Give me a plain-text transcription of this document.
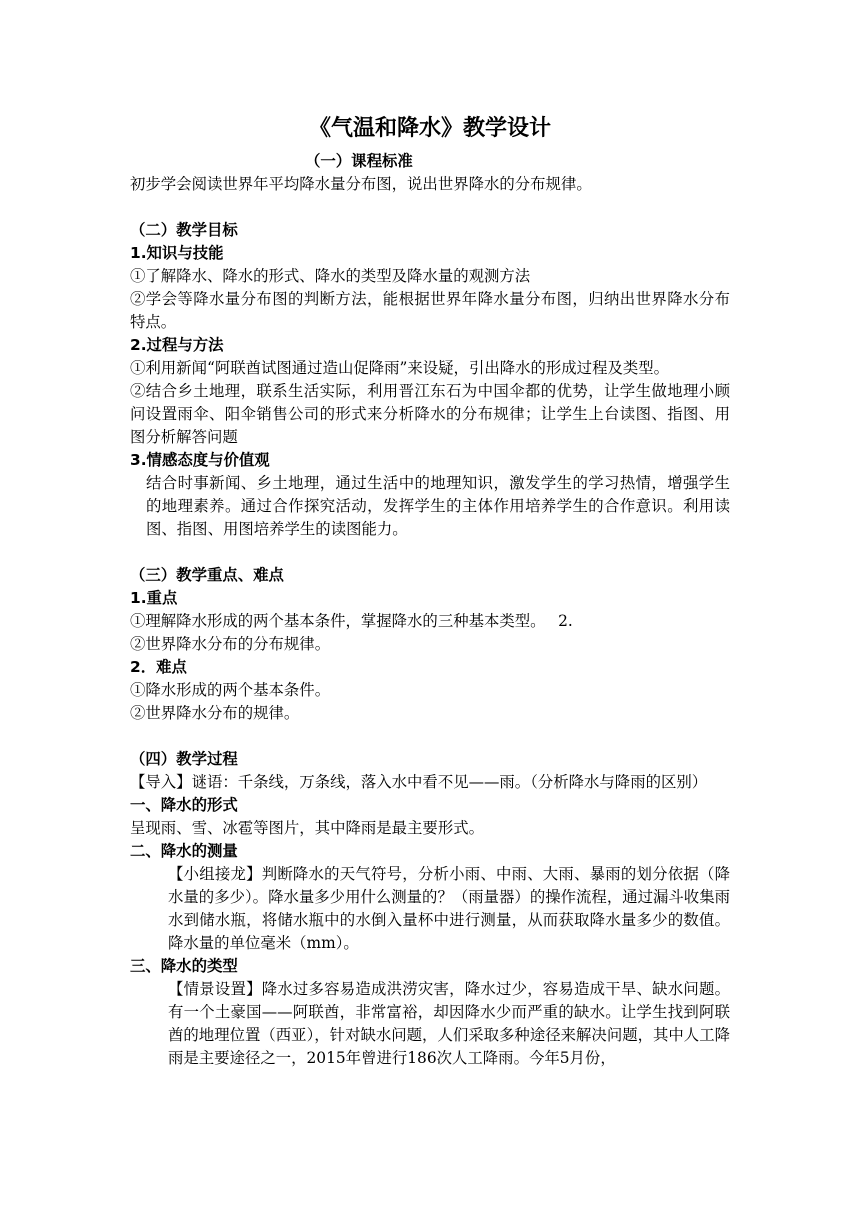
《气温和降水》教学设计
（一）课程标准
初步学会阅读世界年平均降水量分布图，说出世界降水的分布规律。
（二）教学目标
1.知识与技能
①了解降水、降水的形式、降水的类型及降水量的观测方法
②学会等降水量分布图的判断方法，能根据世界年降水量分布图，归纳出世界降水分布特点。
2.过程与方法
①利用新闻“阿联酋试图通过造山促降雨”来设疑，引出降水的形成过程及类型。
②结合乡土地理，联系生活实际，利用晋江东石为中国伞都的优势，让学生做地理小顾问设置雨伞、阳伞销售公司的形式来分析降水的分布规律；让学生上台读图、指图、用图分析解答问题
3.情感态度与价值观
结合时事新闻、乡土地理，通过生活中的地理知识，激发学生的学习热情，增强学生的地理素养。通过合作探究活动，发挥学生的主体作用培养学生的合作意识。利用读图、指图、用图培养学生的读图能力。
（三）教学重点、难点
1.重点
①理解降水形成的两个基本条件，掌握降水的三种基本类型。　 2.
②世界降水分布的分布规律。
2．难点
①降水形成的两个基本条件。
②世界降水分布的规律。
（四）教学过程
【导入】谜语：千条线，万条线，落入水中看不见——雨。（分析降水与降雨的区别）
一、降水的形式
呈现雨、雪、冰雹等图片，其中降雨是最主要形式。
二、降水的测量
【小组接龙】判断降水的天气符号，分析小雨、中雨、大雨、暴雨的划分依据（降水量的多少）。降水量多少用什么测量的？（雨量器）的操作流程，通过漏斗收集雨水到储水瓶，将储水瓶中的水倒入量杯中进行测量，从而获取降水量多少的数值。降水量的单位毫米（mm）。
三、降水的类型
【情景设置】降水过多容易造成洪涝灾害，降水过少，容易造成干旱、缺水问题。有一个土豪国——阿联酋，非常富裕，却因降水少而严重的缺水。让学生找到阿联酋的地理位置（西亚），针对缺水问题，人们采取多种途径来解决问题，其中人工降雨是主要途径之一，2015年曾进行186次人工降雨。今年5月份，
